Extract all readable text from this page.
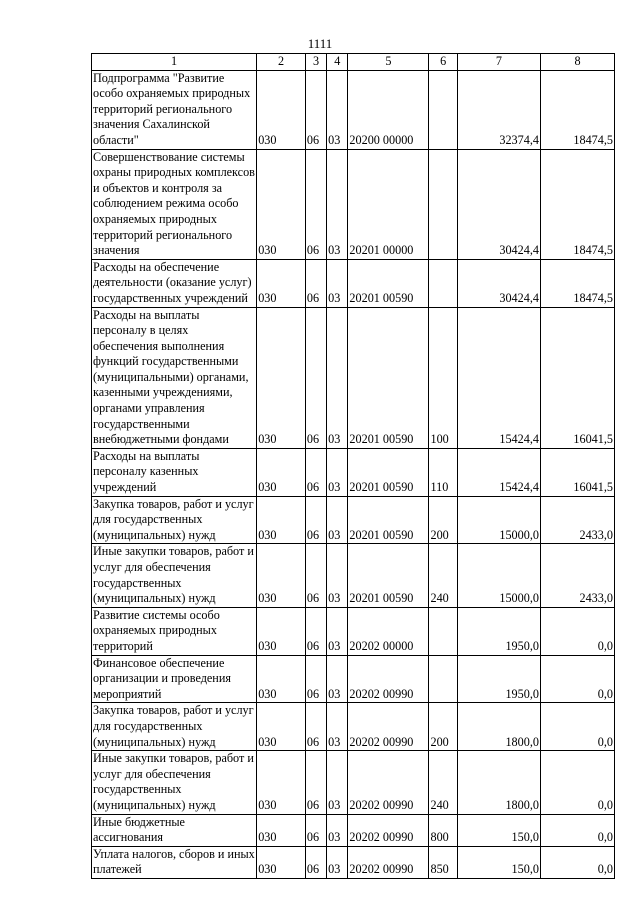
1111
1	2	3	4	5	6	7	8
Подпрограмма "Развитие особо охраняемых природных территорий регионального значения Сахалинской области"	030	06	03	20200 00000		32374,4	18474,5
Совершенствование системы охраны природных комплексов и объектов и контроля за соблюдением режима особо охраняемых природных территорий регионального значения	030	06	03	20201 00000		30424,4	18474,5
Расходы на обеспечение деятельности (оказание услуг) государственных учреждений	030	06	03	20201 00590		30424,4	18474,5
Расходы на выплаты персоналу в целях обеспечения выполнения функций государственными (муниципальными) органами, казенными учреждениями, органами управления государственными внебюджетными фондами	030	06	03	20201 00590	100	15424,4	16041,5
Расходы на выплаты персоналу казенных учреждений	030	06	03	20201 00590	110	15424,4	16041,5
Закупка товаров, работ и услуг для государственных (муниципальных) нужд	030	06	03	20201 00590	200	15000,0	2433,0
Иные закупки товаров, работ и услуг для обеспечения государственных (муниципальных) нужд	030	06	03	20201 00590	240	15000,0	2433,0
Развитие системы особо охраняемых природных территорий	030	06	03	20202 00000		1950,0	0,0
Финансовое обеспечение организации и проведения мероприятий	030	06	03	20202 00990		1950,0	0,0
Закупка товаров, работ и услуг для государственных (муниципальных) нужд	030	06	03	20202 00990	200	1800,0	0,0
Иные закупки товаров, работ и услуг для обеспечения государственных (муниципальных) нужд	030	06	03	20202 00990	240	1800,0	0,0
Иные бюджетные ассигнования	030	06	03	20202 00990	800	150,0	0,0
Уплата налогов, сборов и иных платежей	030	06	03	20202 00990	850	150,0	0,0
